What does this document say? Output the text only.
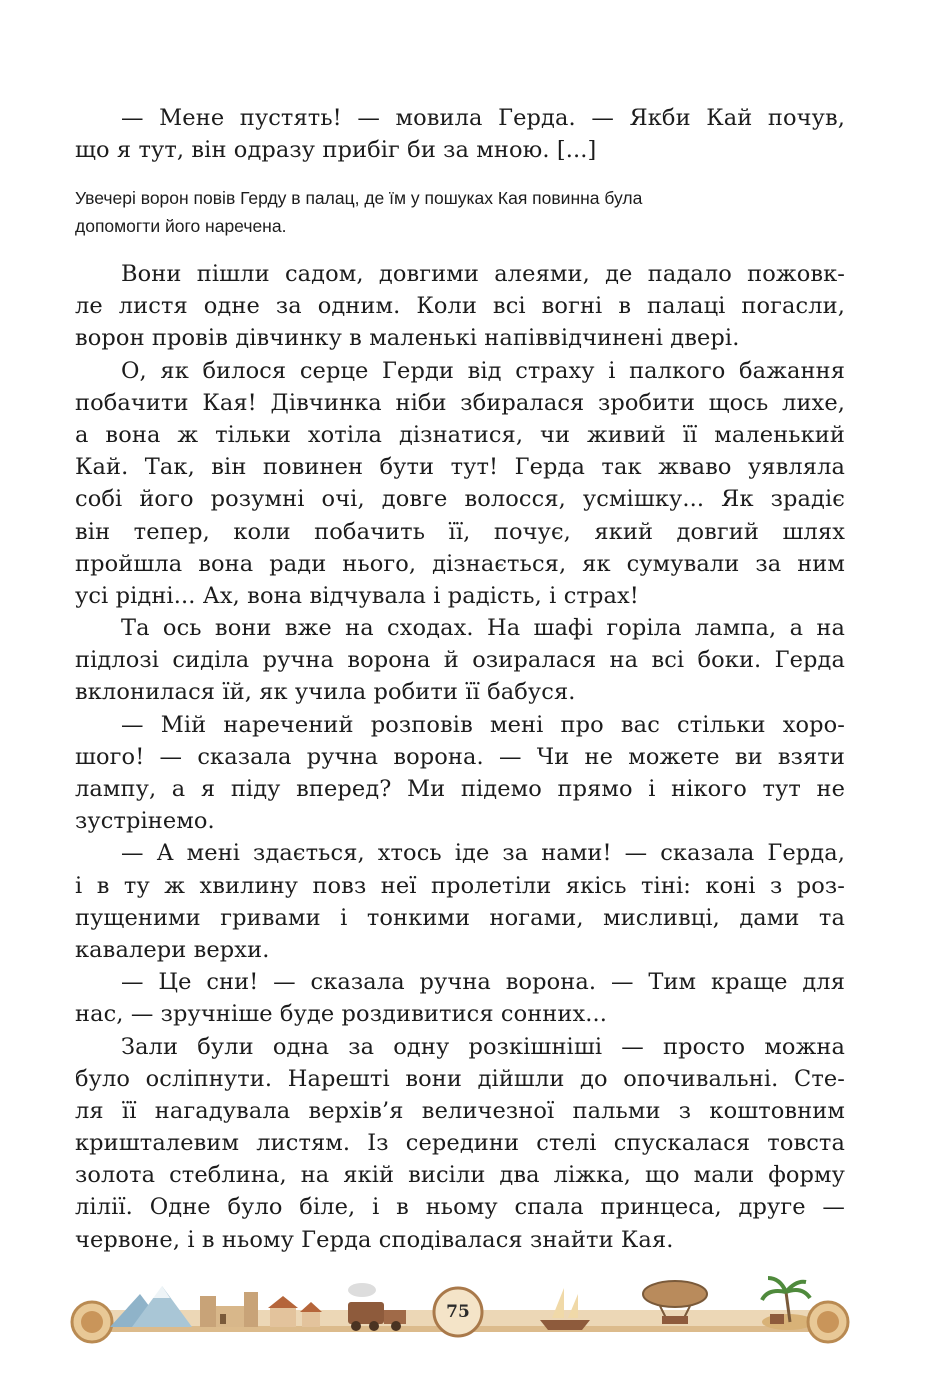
— Мене пустять! — мовила Герда. — Якби Кай почув,
що я тут, він одразу прибіг би за мною. [...]
Увечері ворон повів Герду в палац, де їм у пошуках Кая повинна була
допомогти його наречена.
Вони пішли садом, довгими алеями, де падало пожовк-
ле листя одне за одним. Коли всі вогні в палаці погасли,
ворон провів дівчинку в маленькі напіввідчинені двері.
О, як билося серце Герди від страху і палкого бажання
побачити Кая! Дівчинка ніби збиралася зробити щось лихе,
а вона ж тільки хотіла дізнатися, чи живий її маленький
Кай. Так, він повинен бути тут! Герда так жваво уявляла
собі його розумні очі, довге волосся, усмішку... Як зрадіє
він тепер, коли побачить її, почує, який довгий шлях
пройшла вона ради нього, дізнається, як сумували за ним
усі рідні... Ах, вона відчувала і радість, і страх!
Та ось вони вже на сходах. На шафі горіла лампа, а на
підлозі сиділа ручна ворона й озиралася на всі боки. Герда
вклонилася їй, як учила робити її бабуся.
— Мій наречений розповів мені про вас стільки хоро-
шого! — сказала ручна ворона. — Чи не можете ви взяти
лампу, а я піду вперед? Ми підемо прямо і нікого тут не
зустрінемо.
— А мені здається, хтось іде за нами! — сказала Герда,
і в ту ж хвилину повз неї пролетіли якісь тіні: коні з роз-
пущеними гривами і тонкими ногами, мисливці, дами та
кавалери верхи.
— Це сни! — сказала ручна ворона. — Тим краще для
нас, — зручніше буде роздивитися сонних...
Зали були одна за одну розкішніші — просто можна
було осліпнути. Нарешті вони дійшли до опочивальні. Сте-
ля її нагадувала верхів’я величезної пальми з коштовним
кришталевим листям. Із середини стелі спускалася товста
золота стеблина, на якій висіли два ліжка, що мали форму
лілії. Одне було біле, і в ньому спала принцеса, друге —
червоне, і в ньому Герда сподівалася знайти Кая.
75
